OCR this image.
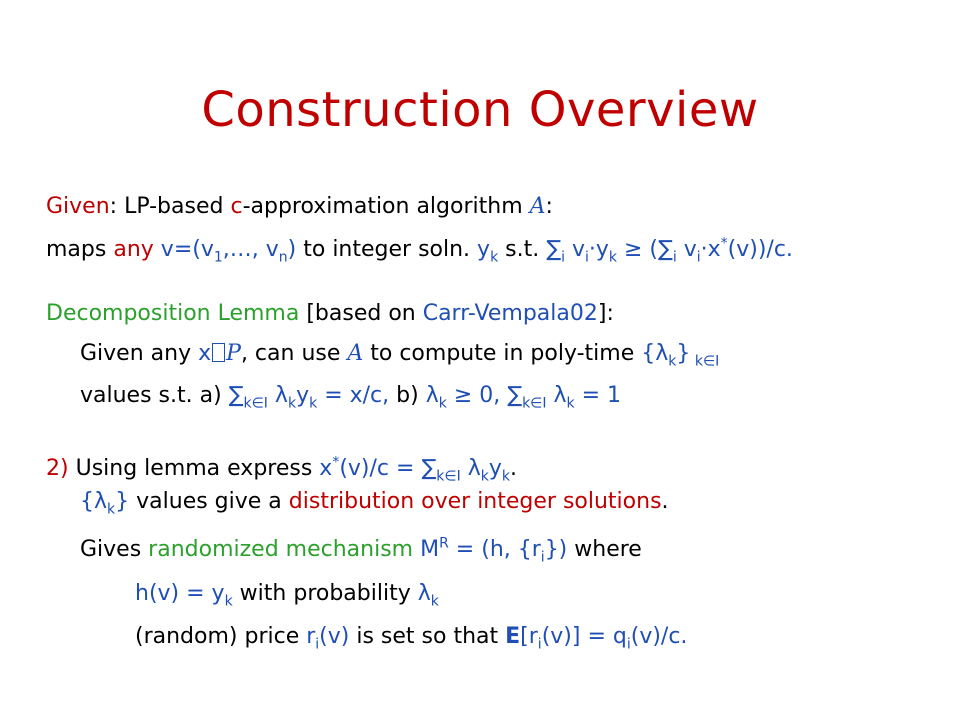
Construction Overview
Given: LP-based c-approximation algorithm A:
maps any $v=(v_1,\dots$, $v_n$) to integer soln. $y_k$ s.t. $\sum_i$ $v_i\cdot y_k \ge (\sum_i$ $v_i\cdot x^*(v))/c$.
Decomposition Lemma [based on Carr-Vempala02]:
Given any x P, can use A to compute in poly-time $\{\lambda_k\}$ $_{k\in I}$
values s.t. a) $\sum_{k\in I}$ $\lambda_ky_k = x/c$, b) $\lambda_k \ge 0$, $\sum_{k\in I}$ $\lambda_k = 1$
2) Using lemma express $x^*(v)/c = \sum_{k\in I}$ $\lambda_ky_k$.
$\{\lambda_k\}$ values give a distribution over integer solutions.
Gives randomized mechanism $M^R = (h$, $\{r_i\}$) where
$h(v) = y_k$ with probability $\lambda_k$
(random) price $r_i(v)$ is set so that $E[r_i(v)] = q_i(v)/c$.
